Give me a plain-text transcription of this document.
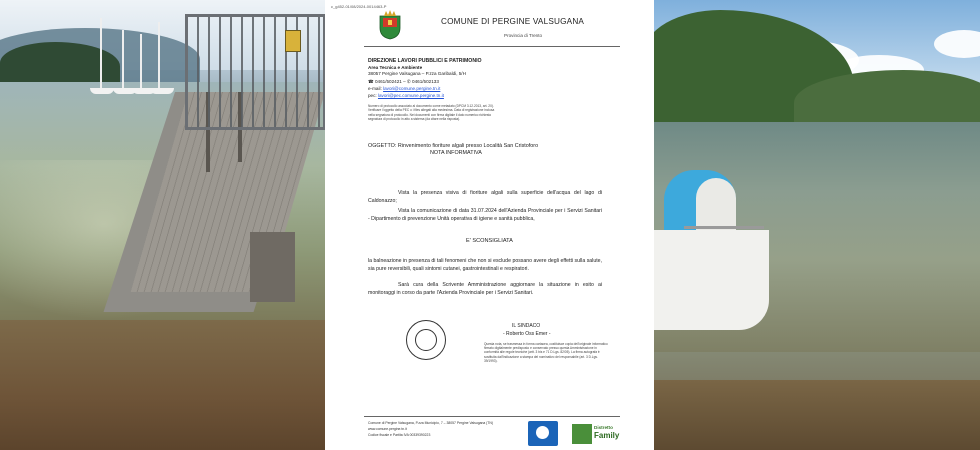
c_g452-01/08/2024-0014463-P
COMUNE DI PERGINE VALSUGANA
Provincia di Trento
DIREZIONE LAVORI PUBBLICI E PATRIMONIO
Area Tecnica e Ambiente
38057 Pergine Valsugana – P.zza Garibaldi, 5/H
☎ 0461/502421 – ✆ 0461/502133
e-mail: lavori@comune.pergine.tn.it
pec: lavori@pec.comune.pergine.tn.it
Numero di protocollo associato al documento come metadato (DPCM 3.12.2013, art. 20). Verificare l'oggetto della PEC o i files allegati alla medesima. Data di registrazione inclusa nella segnatura di protocollo. Nei documenti con firma digitale il dato numerico richiesto segnatura di protocollo in atto a sistema (da citare nella risposta).
OGGETTO: Rinvenimento fioriture algali presso Località San Cristoforo
NOTA INFORMATIVA
Vista la presenza visiva di fioriture algali sulla superficie dell'acqua del lago di Caldonazzo;
Vista la comunicazione di data 31.07.2024 dell'Azienda Provinciale per i Servizi Sanitari - Dipartimento di prevenzione Unità operativa di igiene e sanità pubblica,
E' SCONSIGLIATA
la balneazione in presenza di tali fenomeni che non si esclude possano avere degli effetti sulla salute, sia pure reversibili, quali sintomi cutanei, gastrointestinali e respiratori.
Sarà cura della Scrivente Amministrazione aggiornare la situazione in esito ai monitoraggi in corso da parte l'Azienda Provinciale per i Servizi Sanitari.
IL SINDACO
- Roberto Oss Emer -
Questa nota, se trasmessa in forma cartacea, costituisce copia dell'originale informatico firmato digitalmente predisposto e conservato presso questa Amministrazione in conformità alle regole tecniche (artt. 3 bis e 71 D.Lgs. 82/05). La firma autografa è sostituita dall'indicazione a stampa del nominativo del responsabile (art. 3 D.Lgs. 39/1993).
Comune di Pergine Valsugana, P.zza Municipio, 7 – 38057 Pergine Valsugana (TN)
www.comune.pergine.tn.it
Codice fiscale e Partita IVA 00339390223
Distretto
Family
